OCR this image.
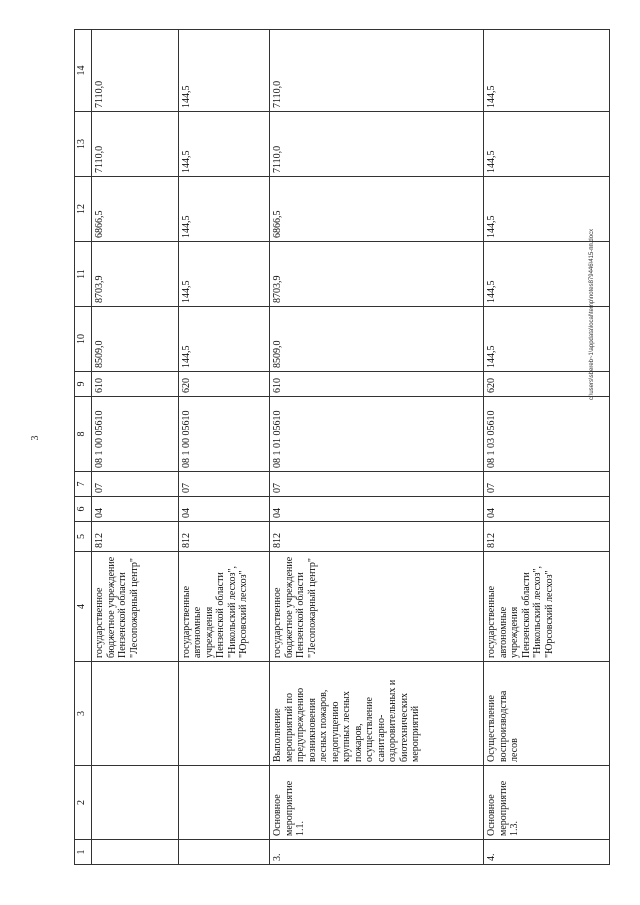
3
1	2	3	4	5	6	7	8	9	10	11	12	13	14
			государственное бюджетное учреждение Пензенской области "Лесопожарный центр"	812	04	07	08 1 00 05610	610	8509,0	8703,9	6866,5	7110,0	7110,0
			государственные автономные учреждения Пензенской области "Никольский лесхоз", "Юрсовский лесхоз"	812	04	07	08 1 00 05610	620	144,5	144,5	144,5	144,5	144,5
3.	Основное мероприятие 1.1.	Выполнение мероприятий по предупреждению возникновения лесных пожаров, недопущению крупных лесных пожаров, осуществление санитарно-оздоровительных и биотехнических мероприятий	государственное бюджетное учреждение Пензенской области "Лесопожарный центр"	812	04	07	08 1 01 05610	610	8509,0	8703,9	6866,5	7110,0	7110,0
4.	Основное мероприятие 1.3.	Осуществление воспроизводства лесов	государственные автономные учреждения Пензенской области "Никольский лесхоз", "Юрсовский лесхоз"	812	04	07	08 1 03 05610	620	144,5	144,5	144,5	144,5	144,5
c:\users\sbereb~1\appdata\local\temp\notes879446\415-пп.docx
